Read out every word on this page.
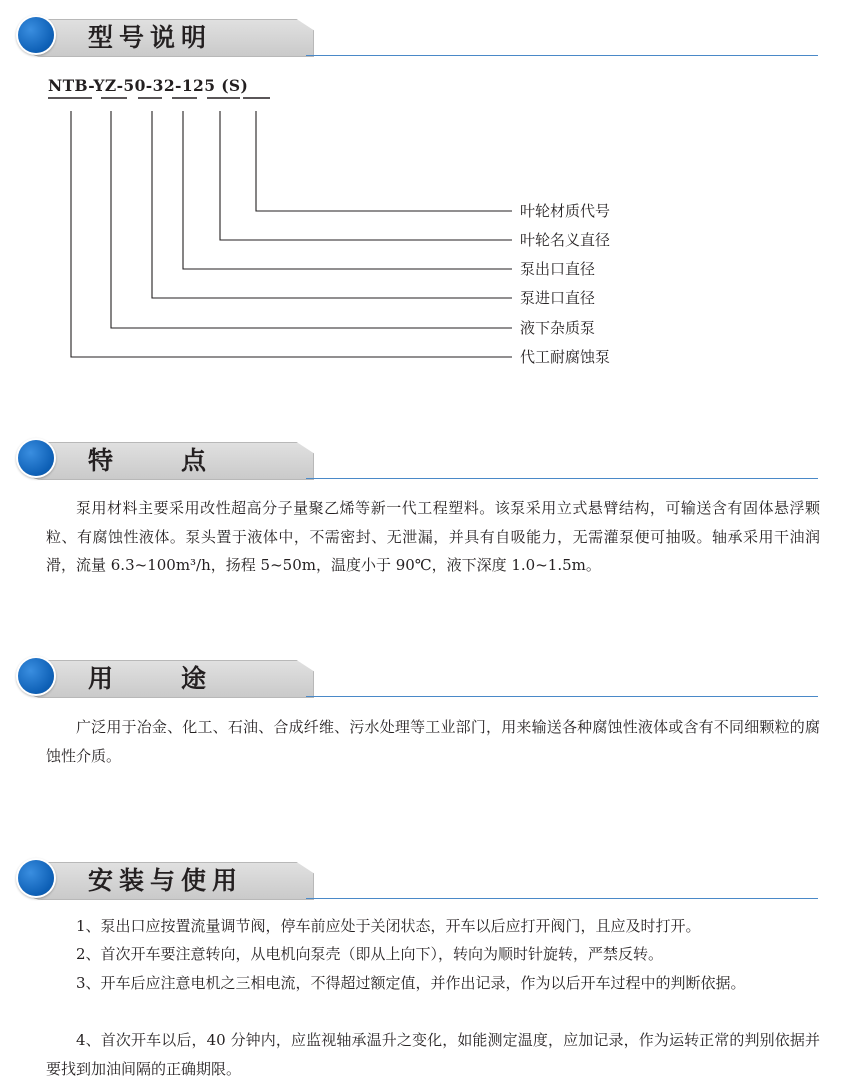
型号说明
NTB-YZ-50-32-125 (S)
叶轮材质代号
叶轮名义直径
泵出口直径
泵进口直径
液下杂质泵
代工耐腐蚀泵
特　　点

泵用材料主要采用改性超高分子量聚乙烯等新一代工程塑料。该泵采用立式悬臂结构，可输送含有固体悬浮颗粒、有腐蚀性液体。泵头置于液体中，不需密封、无泄漏，并具有自吸能力，无需灌泵便可抽吸。轴承采用干油润滑，流量 6.3~100m³/h，扬程 5~50m，温度小于 90℃，液下深度 1.0~1.5m。

用　　途

广泛用于冶金、化工、石油、合成纤维、污水处理等工业部门，用来输送各种腐蚀性液体或含有不同细颗粒的腐蚀性介质。

安装与使用

1、泵出口应按置流量调节阀，停车前应处于关闭状态，开车以后应打开阀门，且应及时打开。

2、首次开车要注意转向，从电机向泵壳（即从上向下），转向为顺时针旋转，严禁反转。

3、开车后应注意电机之三相电流，不得超过额定值，并作出记录，作为以后开车过程中的判断依据。

4、首次开车以后，40 分钟内，应监视轴承温升之变化，如能测定温度，应加记录，作为运转正常的判别依据并要找到加油间隔的正确期限。
